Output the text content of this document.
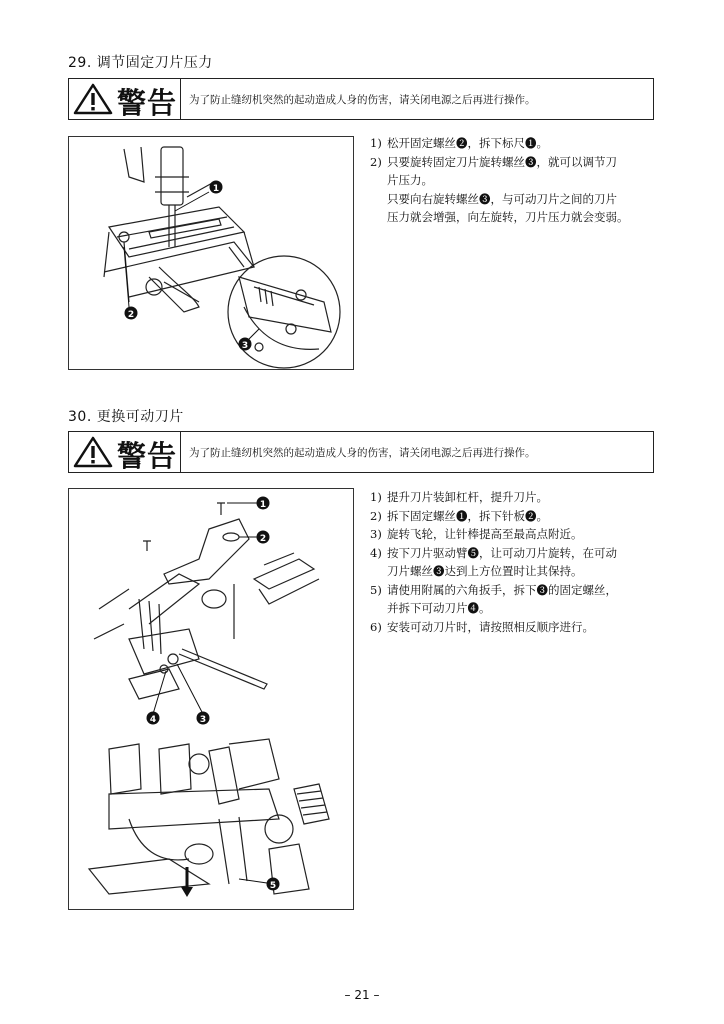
29. 调节固定刀片压力
警告 为了防止缝纫机突然的起动造成人身的伤害，请关闭电源之后再进行操作。
1
2
3
1) 松开固定螺丝❷，拆下标尺❶。
2) 只要旋转固定刀片旋转螺丝❸，就可以调节刀
片压力。
只要向右旋转螺丝❸，与可动刀片之间的刀片
压力就会增强，向左旋转，刀片压力就会变弱。
30. 更换可动刀片
警告 为了防止缝纫机突然的起动造成人身的伤害，请关闭电源之后再进行操作。
1
2
4	3
5
1) 提升刀片装卸杠杆，提升刀片。
2) 拆下固定螺丝❶，拆下针板❷。
3) 旋转飞轮，让针棒提高至最高点附近。
4) 按下刀片驱动臂❺，让可动刀片旋转，在可动
刀片螺丝❸达到上方位置时让其保持。
5) 请使用附属的六角扳手，拆下❸的固定螺丝，
并拆下可动刀片❹。
6) 安装可动刀片时，请按照相反顺序进行。
– 21 –
